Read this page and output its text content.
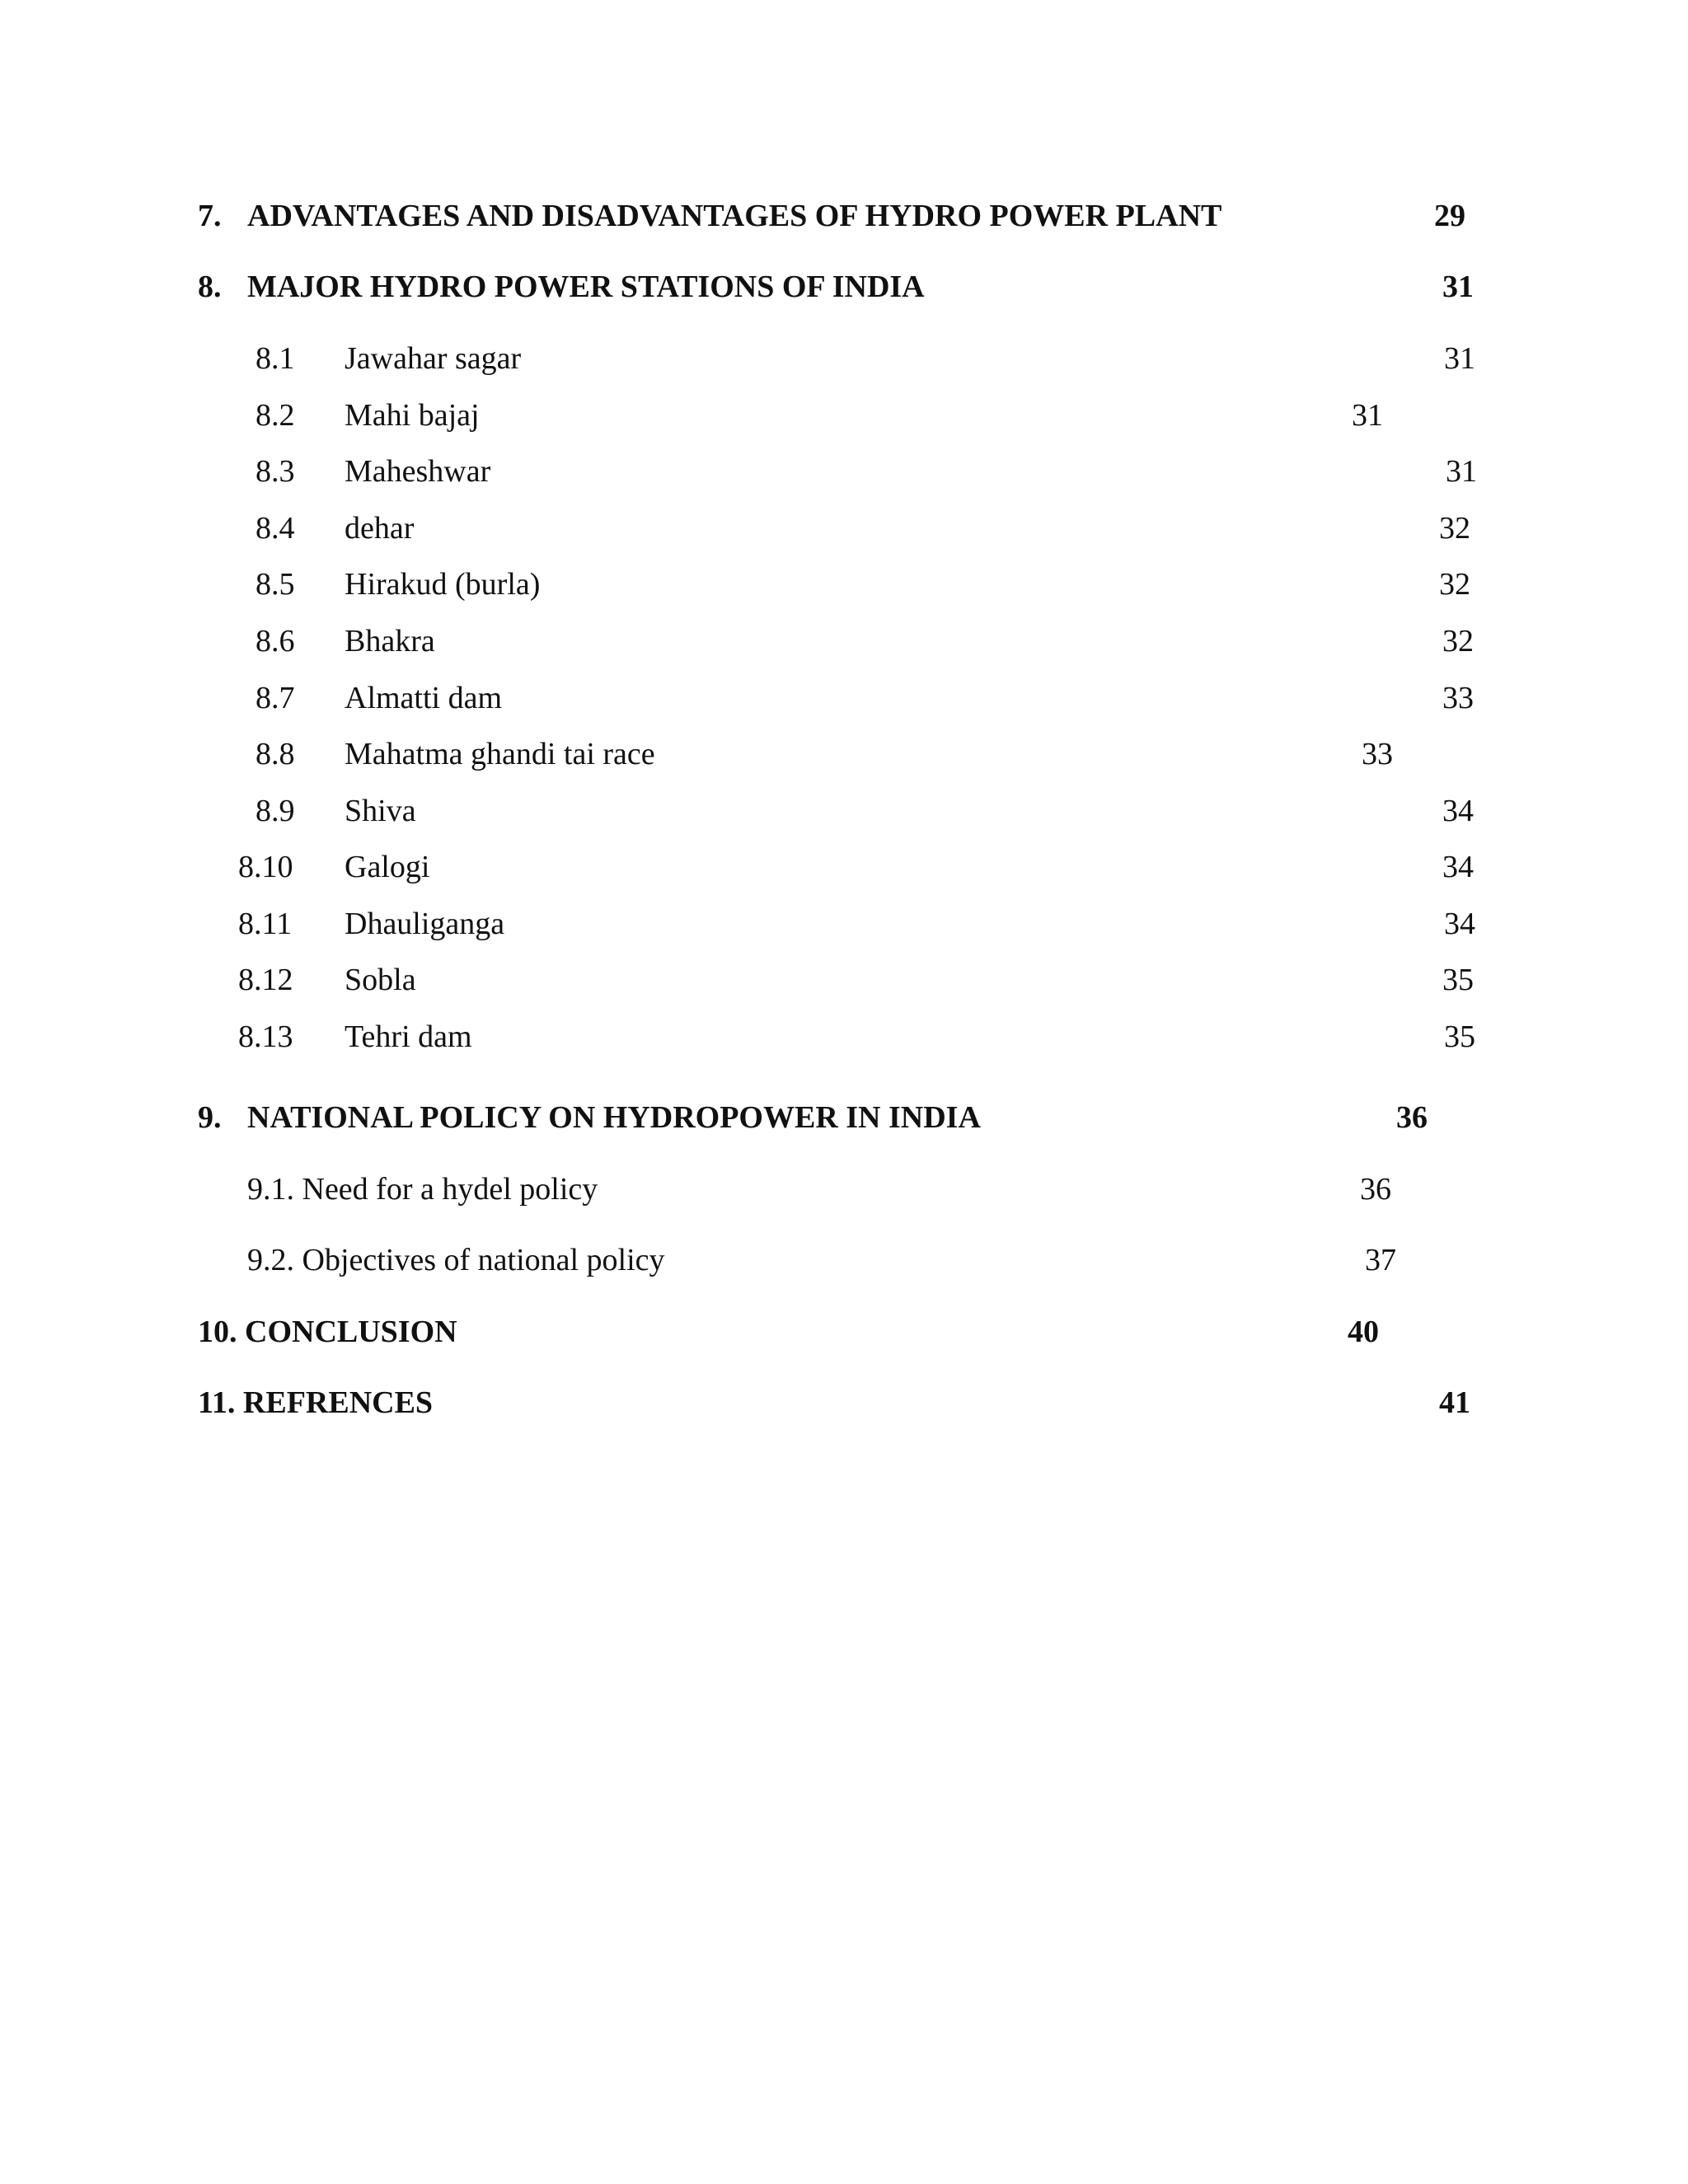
7. ADVANTAGES AND DISADVANTAGES OF HYDRO POWER PLANT	29
8. MAJOR HYDRO POWER STATIONS OF INDIA	31
8.1 Jawahar sagar	31
8.2 Mahi bajaj	31
8.3 Maheshwar	31
8.4 dehar	32
8.5 Hirakud (burla)	32
8.6 Bhakra	32
8.7 Almatti dam	33
8.8 Mahatma ghandi tai race	33
8.9 Shiva	34
8.10 Galogi	34
8.11 Dhauliganga	34
8.12 Sobla	35
8.13 Tehri dam	35
9. NATIONAL POLICY ON HYDROPOWER IN INDIA	36
9.1. Need for a hydel policy	36
9.2. Objectives of national policy	37
10. CONCLUSION	40
11. REFRENCES	41
